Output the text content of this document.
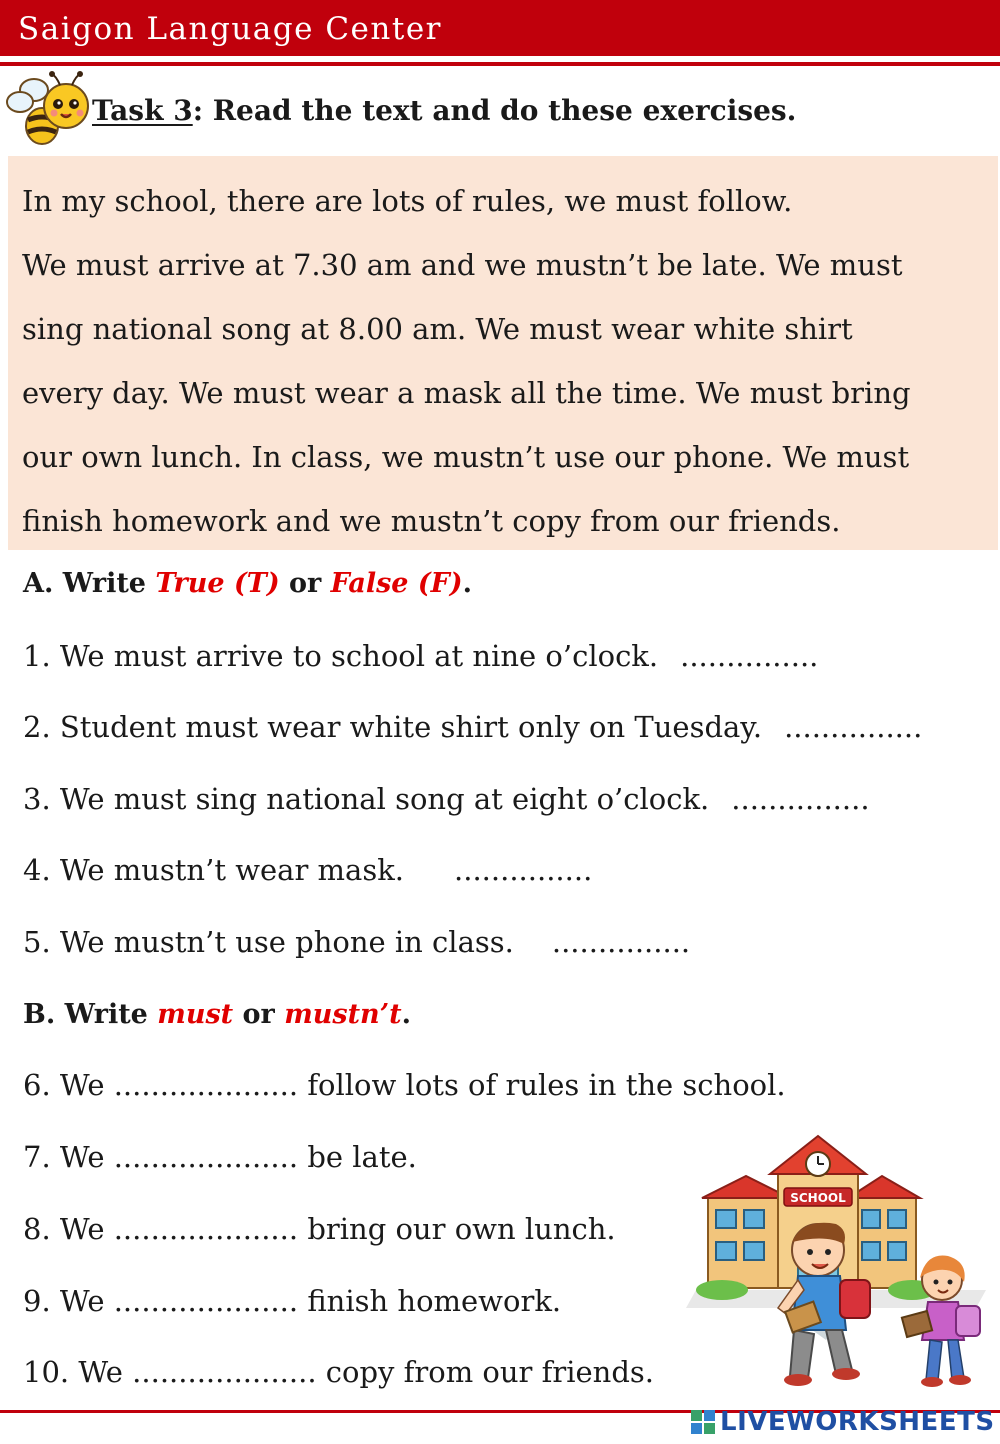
Saigon Language Center
Task 3: Read the text and do these exercises.
In my school, there are lots of rules, we must follow.
We must arrive at 7.30 am and we mustn’t be late. We must
sing national song at 8.00 am. We must wear white shirt
every day. We must wear a mask all the time. We must bring
our own lunch. In class, we mustn’t use our phone. We must
finish homework and we mustn’t copy from our friends.
A. Write True (T) or False (F).
1. We must arrive to school at nine o’clock. ...............
2. Student must wear white shirt only on Tuesday. ...............
3. We must sing national song at eight o’clock. ...............
4. We mustn’t wear mask. ...............
5. We mustn’t use phone in class. ...............
B. Write must or mustn’t.
6. We .................... follow lots of rules in the school.
7. We .................... be late.
8. We .................... bring our own lunch.
9. We .................... finish homework.
10. We .................... copy from our friends.
SCHOOL
LIVEWORKSHEETS
